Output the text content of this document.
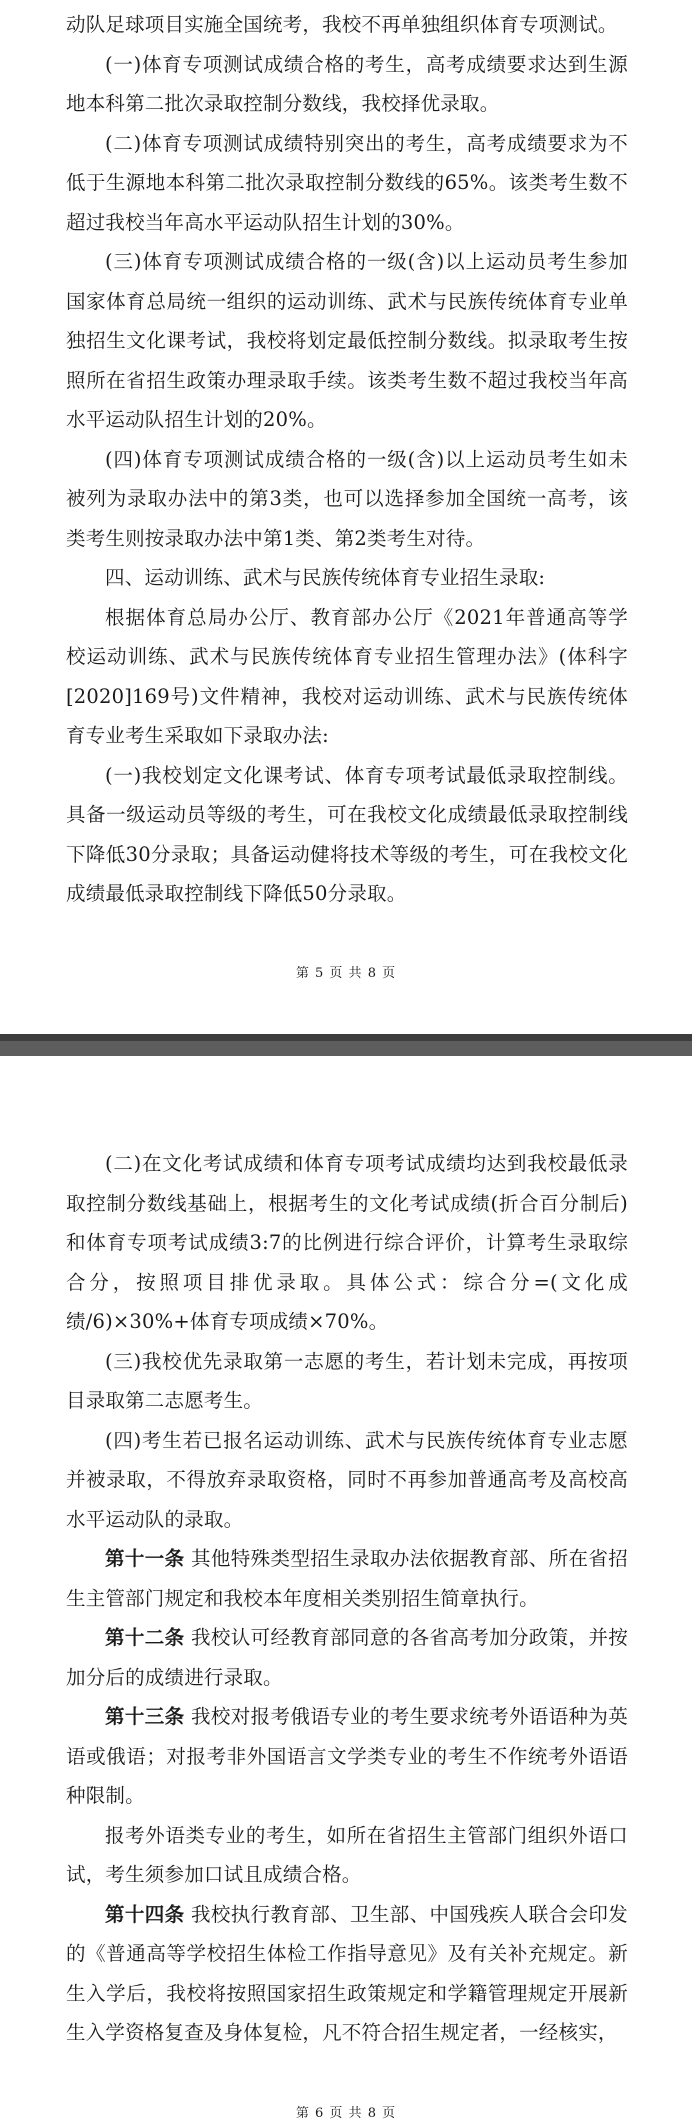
动队足球项目实施全国统考，我校不再单独组织体育专项测试。

(一)体育专项测试成绩合格的考生，高考成绩要求达到生源地本科第二批次录取控制分数线，我校择优录取。

(二)体育专项测试成绩特别突出的考生，高考成绩要求为不低于生源地本科第二批次录取控制分数线的65%。该类考生数不超过我校当年高水平运动队招生计划的30%。

(三)体育专项测试成绩合格的一级(含)以上运动员考生参加国家体育总局统一组织的运动训练、武术与民族传统体育专业单独招生文化课考试，我校将划定最低控制分数线。拟录取考生按照所在省招生政策办理录取手续。该类考生数不超过我校当年高水平运动队招生计划的20%。

(四)体育专项测试成绩合格的一级(含)以上运动员考生如未被列为录取办法中的第3类，也可以选择参加全国统一高考，该类考生则按录取办法中第1类、第2类考生对待。

四、运动训练、武术与民族传统体育专业招生录取:

根据体育总局办公厅、教育部办公厅《2021年普通高等学校运动训练、武术与民族传统体育专业招生管理办法》(体科字[2020]169号)文件精神，我校对运动训练、武术与民族传统体育专业考生采取如下录取办法:

(一)我校划定文化课考试、体育专项考试最低录取控制线。具备一级运动员等级的考生，可在我校文化成绩最低录取控制线下降低30分录取；具备运动健将技术等级的考生，可在我校文化成绩最低录取控制线下降低50分录取。

第 5 页 共 8 页

(二)在文化考试成绩和体育专项考试成绩均达到我校最低录取控制分数线基础上，根据考生的文化考试成绩(折合百分制后)和体育专项考试成绩3:7的比例进行综合评价，计算考生录取综合分，按照项目排优录取。具体公式：综合分=(文化成绩/6)×30%+体育专项成绩×70%。

(三)我校优先录取第一志愿的考生，若计划未完成，再按项目录取第二志愿考生。

(四)考生若已报名运动训练、武术与民族传统体育专业志愿并被录取，不得放弃录取资格，同时不再参加普通高考及高校高水平运动队的录取。

第十一条 其他特殊类型招生录取办法依据教育部、所在省招生主管部门规定和我校本年度相关类别招生简章执行。

第十二条 我校认可经教育部同意的各省高考加分政策，并按加分后的成绩进行录取。

第十三条 我校对报考俄语专业的考生要求统考外语语种为英语或俄语；对报考非外国语言文学类专业的考生不作统考外语语种限制。

报考外语类专业的考生，如所在省招生主管部门组织外语口试，考生须参加口试且成绩合格。

第十四条 我校执行教育部、卫生部、中国残疾人联合会印发的《普通高等学校招生体检工作指导意见》及有关补充规定。新生入学后，我校将按照国家招生政策规定和学籍管理规定开展新生入学资格复查及身体复检，凡不符合招生规定者，一经核实，

第 6 页 共 8 页
